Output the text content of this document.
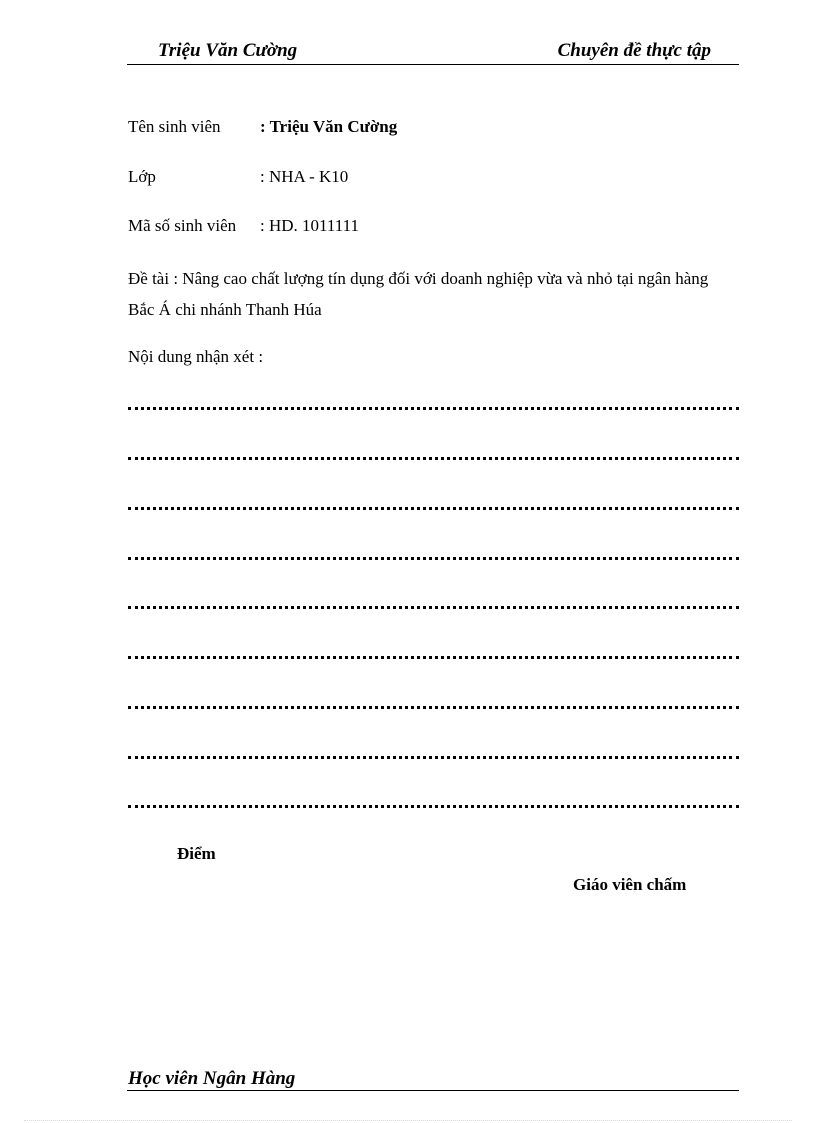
Triệu Văn Cường	Chuyên đề thực tập
Tên sinh viên : Triệu Văn Cường
Lớp	: NHA - K10
Mã số sinh viên : HD. 1011111
Đề tài : Nâng cao chất lượng tín dụng đối với doanh nghiệp vừa và nhỏ tại ngân hàng Bắc Á chi nhánh Thanh Húa
Nội dung nhận xét :
Điểm
Giáo viên chấm
Học viên Ngân Hàng
